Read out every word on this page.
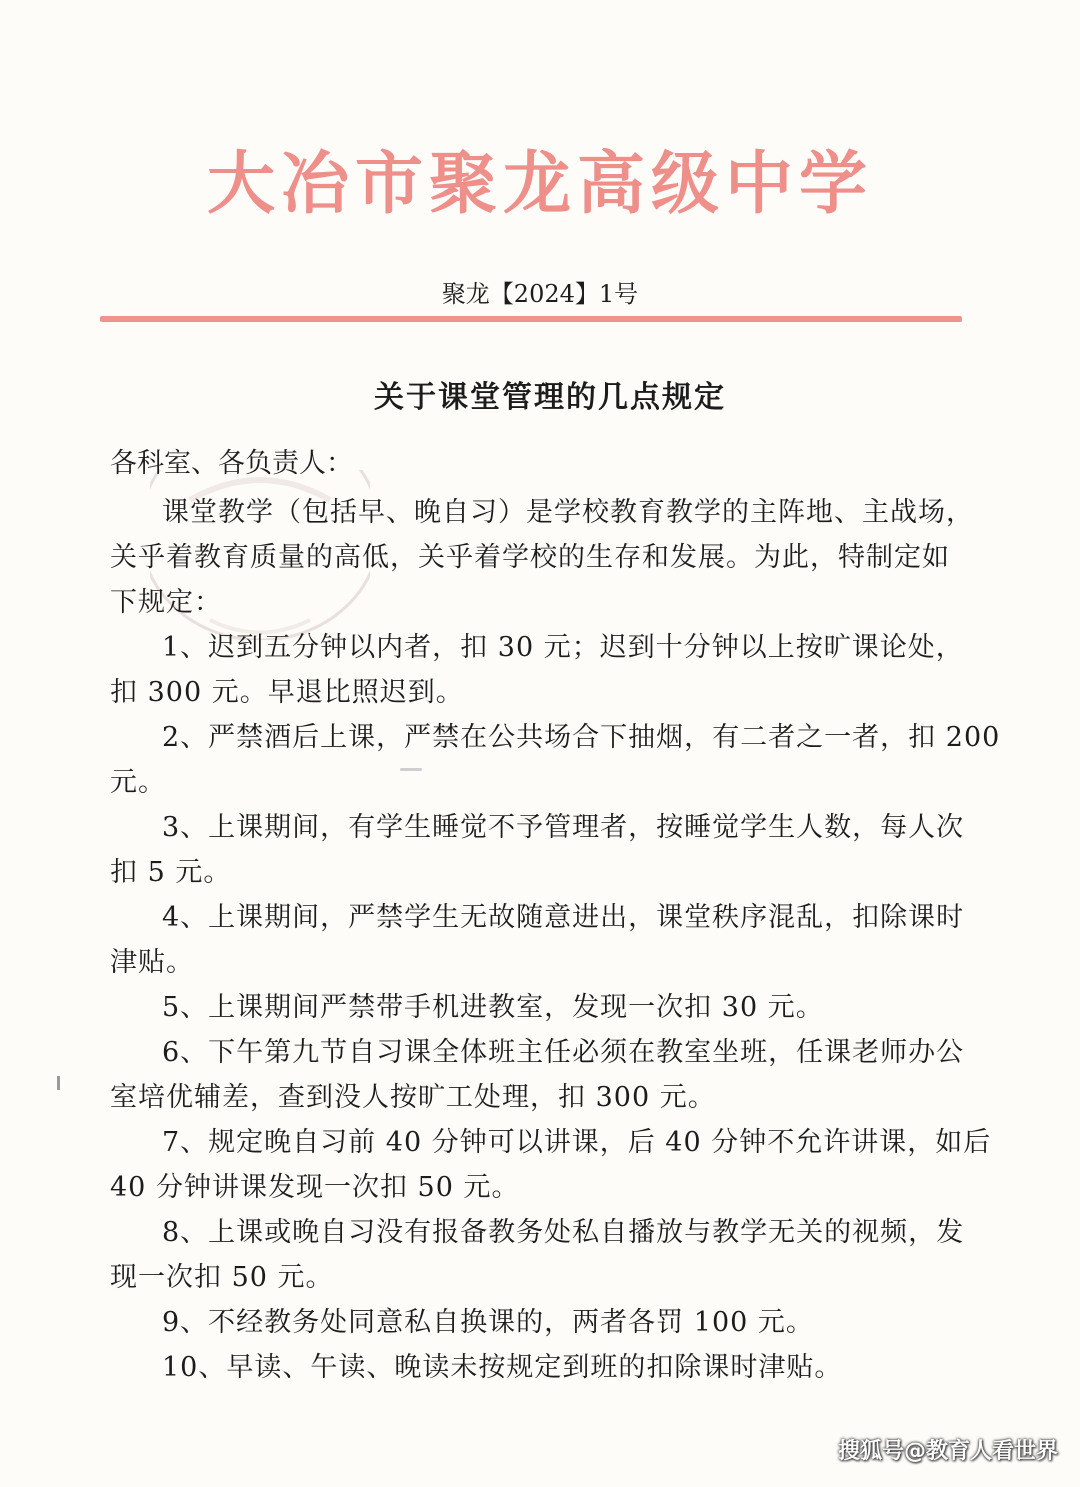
大冶市聚龙高级中学
聚龙【2024】1号
关于课堂管理的几点规定
各科室、各负责人：
课堂教学（包括早、晚自习）是学校教育教学的主阵地、主战场，
关乎着教育质量的高低，关乎着学校的生存和发展。为此，特制定如
下规定：
1、迟到五分钟以内者，扣 30 元；迟到十分钟以上按旷课论处，
扣 300 元。早退比照迟到。
2、严禁酒后上课，严禁在公共场合下抽烟，有二者之一者，扣 200
元。
3、上课期间，有学生睡觉不予管理者，按睡觉学生人数，每人次
扣 5 元。
4、上课期间，严禁学生无故随意进出，课堂秩序混乱，扣除课时
津贴。
5、上课期间严禁带手机进教室，发现一次扣 30 元。
6、下午第九节自习课全体班主任必须在教室坐班，任课老师办公
室培优辅差，查到没人按旷工处理，扣 300 元。
7、规定晚自习前 40 分钟可以讲课，后 40 分钟不允许讲课，如后
40 分钟讲课发现一次扣 50 元。
8、上课或晚自习没有报备教务处私自播放与教学无关的视频，发
现一次扣 50 元。
9、不经教务处同意私自换课的，两者各罚 100 元。
10、早读、午读、晚读未按规定到班的扣除课时津贴。
搜狐号@教育人看世界
